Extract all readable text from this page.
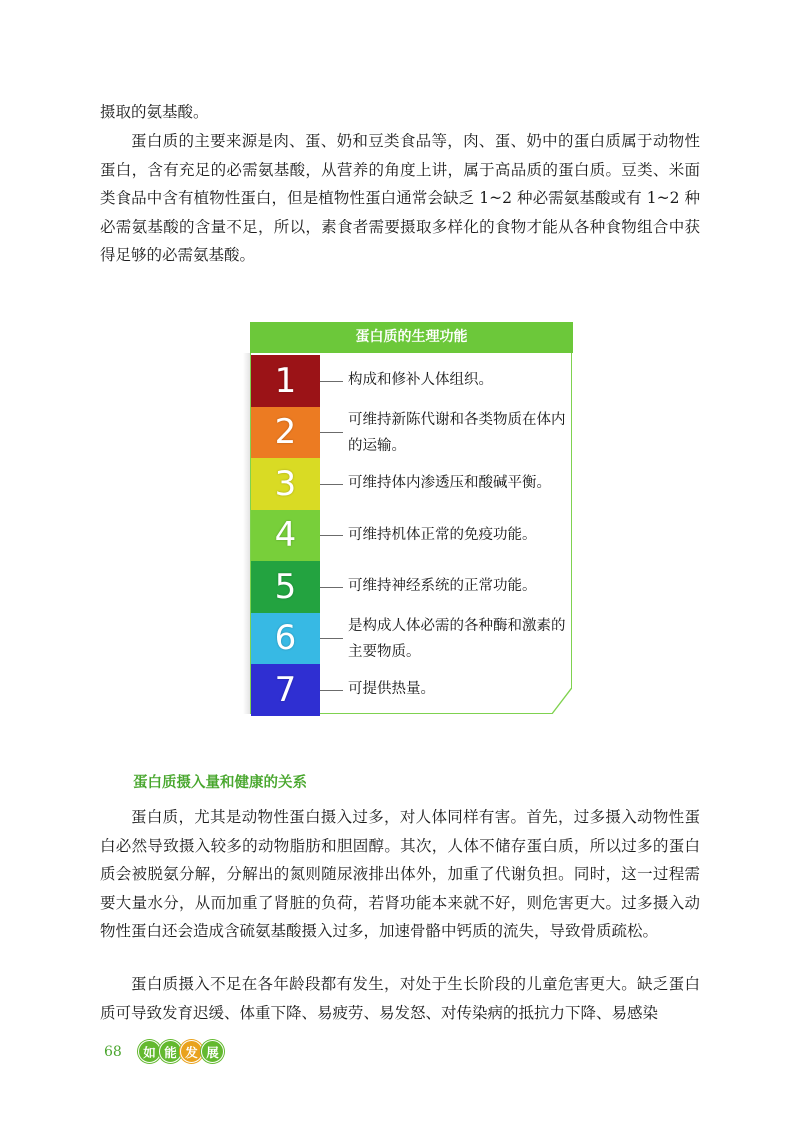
摄取的氨基酸。

蛋白质的主要来源是肉、蛋、奶和豆类食品等，肉、蛋、奶中的蛋白质属于动物性蛋白，含有充足的必需氨基酸，从营养的角度上讲，属于高品质的蛋白质。豆类、米面类食品中含有植物性蛋白，但是植物性蛋白通常会缺乏 1~2 种必需氨基酸或有 1~2 种必需氨基酸的含量不足，所以，素食者需要摄取多样化的食物才能从各种食物组合中获得足够的必需氨基酸。

蛋白质的生理功能
1	构成和修补人体组织。
2	可维持新陈代谢和各类物质在体内的运输。
3	可维持体内渗透压和酸碱平衡。
4	可维持机体正常的免疫功能。
5	可维持神经系统的正常功能。
6	是构成人体必需的各种酶和激素的主要物质。
7	可提供热量。
蛋白质摄入量和健康的关系

蛋白质，尤其是动物性蛋白摄入过多，对人体同样有害。首先，过多摄入动物性蛋白必然导致摄入较多的动物脂肪和胆固醇。其次，人体不储存蛋白质，所以过多的蛋白质会被脱氨分解，分解出的氮则随尿液排出体外，加重了代谢负担。同时，这一过程需要大量水分，从而加重了肾脏的负荷，若肾功能本来就不好，则危害更大。过多摄入动物性蛋白还会造成含硫氨基酸摄入过多，加速骨骼中钙质的流失，导致骨质疏松。

蛋白质摄入不足在各年龄段都有发生，对处于生长阶段的儿童危害更大。缺乏蛋白质可导致发育迟缓、体重下降、易疲劳、易发怒、对传染病的抵抗力下降、易感染

68	如 能 发 展
